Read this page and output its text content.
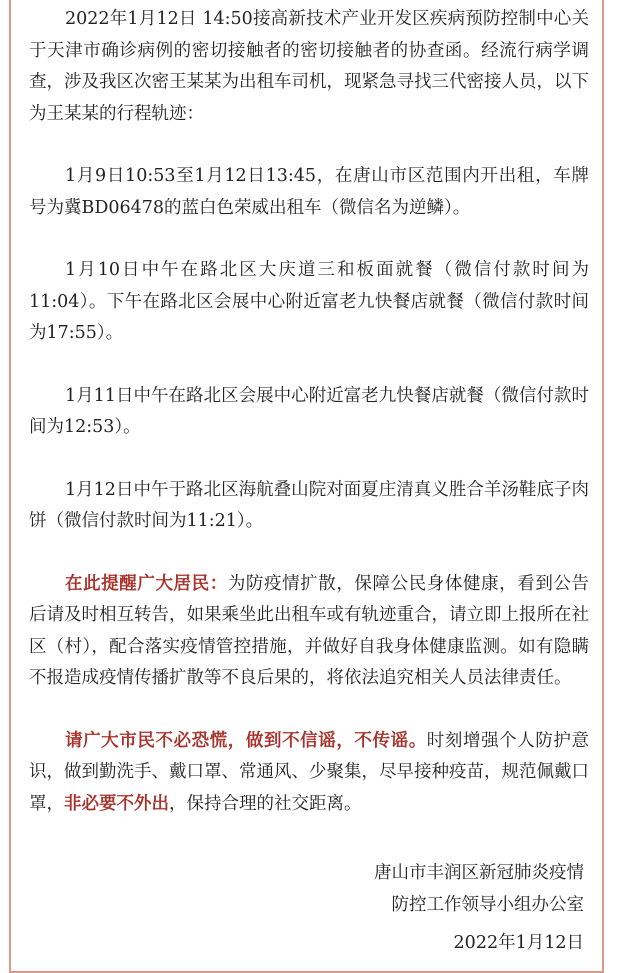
2022年1月12日 14:50接高新技术产业开发区疾病预防控制中心关于天津市确诊病例的密切接触者的密切接触者的协查函。经流行病学调查，涉及我区次密王某某为出租车司机，现紧急寻找三代密接人员，以下为王某某的行程轨迹：

1月9日10:53至1月12日13:45，在唐山市区范围内开出租，车牌号为冀BD06478的蓝白色荣威出租车（微信名为逆鳞）。

1月10日中午在路北区大庆道三和板面就餐（微信付款时间为11:04）。下午在路北区会展中心附近富老九快餐店就餐（微信付款时间为17:55）。

1月11日中午在路北区会展中心附近富老九快餐店就餐（微信付款时间为12:53）。

1月12日中午于路北区海航叠山院对面夏庄清真义胜合羊汤鞋底子肉饼（微信付款时间为11:21）。

在此提醒广大居民：为防疫情扩散，保障公民身体健康，看到公告后请及时相互转告，如果乘坐此出租车或有轨迹重合，请立即上报所在社区（村），配合落实疫情管控措施，并做好自我身体健康监测。如有隐瞒不报造成疫情传播扩散等不良后果的，将依法追究相关人员法律责任。

请广大市民不必恐慌，做到不信谣，不传谣。时刻增强个人防护意识，做到勤洗手、戴口罩、常通风、少聚集，尽早接种疫苗，规范佩戴口罩，非必要不外出，保持合理的社交距离。

唐山市丰润区新冠肺炎疫情
防控工作领导小组办公室
2022年1月12日
